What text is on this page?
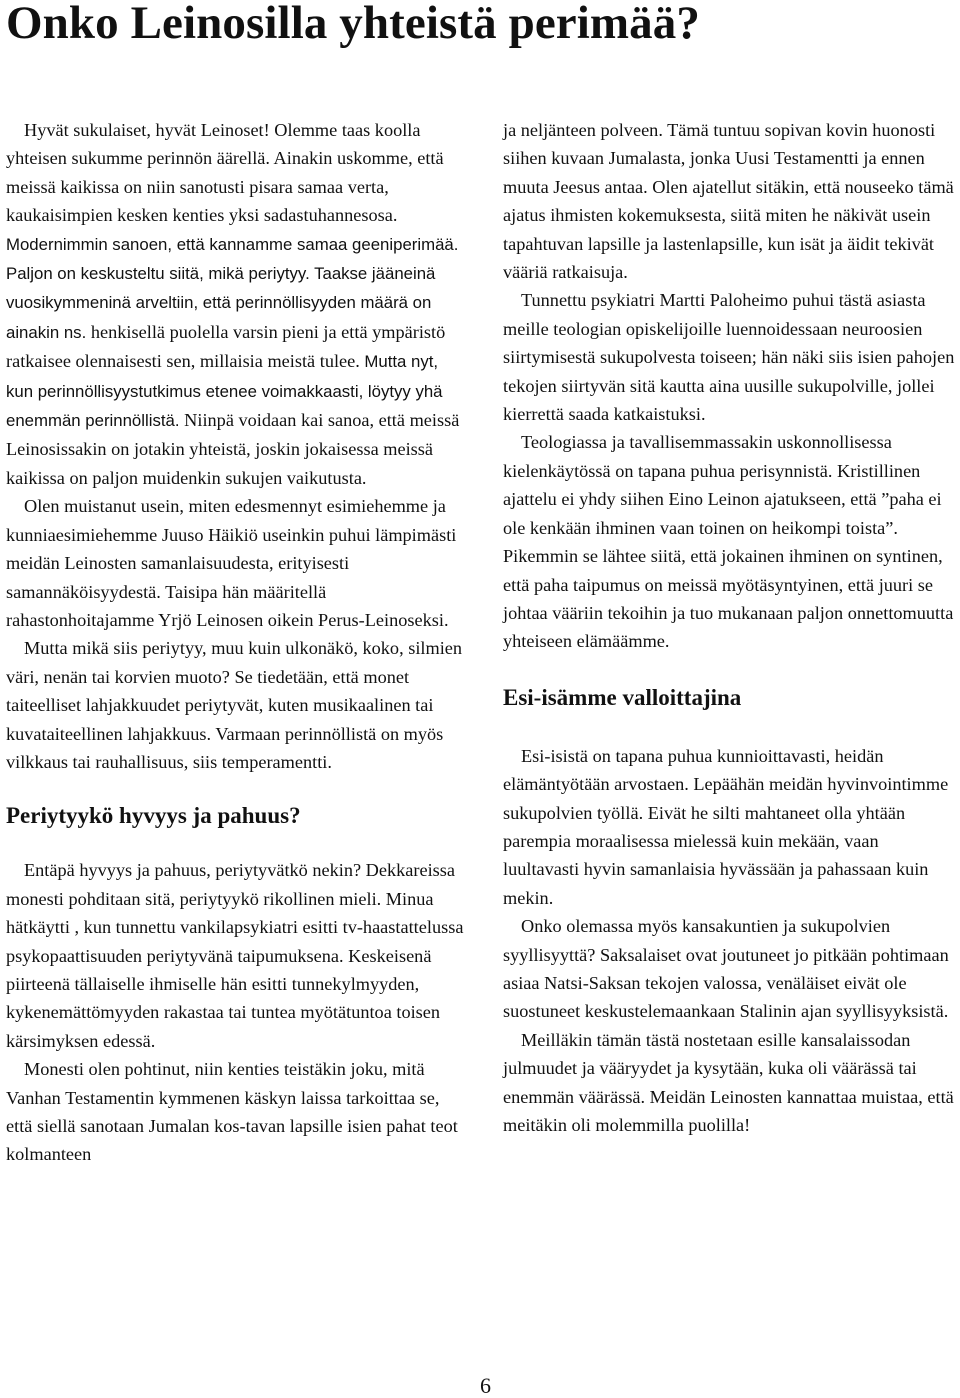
Onko Leinosilla yhteistä perimää?

Hyvät sukulaiset, hyvät Leinoset! Olemme taas koolla yhteisen sukumme perinnön äärellä. Ainakin uskomme, että meissä kaikissa on niin sanotusti pisara samaa verta, kaukaisimpien kesken kenties yksi sadastuhannesosa. Modernimmin sanoen, että kannamme samaa geeniperimää. Paljon on keskusteltu siitä, mikä periytyy. Taakse jääneinä vuosikymmeninä arveltiin, että perinnöllisyyden määrä on ainakin ns. henkisellä puolella varsin pieni ja että ympäristö ratkaisee olennaisesti sen, millaisia meistä tulee. Mutta nyt, kun perinnöllisyystutkimus etenee voimakkaasti, löytyy yhä enemmän perinnöllistä. Niinpä voidaan kai sanoa, että meissä Leinosissakin on jotakin yhteistä, joskin jokaisessa meissä kaikissa on paljon muidenkin sukujen vaikutusta.

Olen muistanut usein, miten edesmennyt esimiehemme ja kunniaesimiehemme Juuso Häikiö useinkin puhui lämpimästi meidän Leinosten samanlaisuudesta, erityisesti samannäköisyydestä. Taisipa hän määritellä rahastonhoitajamme Yrjö Leinosen oikein Perus-Leinoseksi.

Mutta mikä siis periytyy, muu kuin ulkonäkö, koko, silmien väri, nenän tai korvien muoto? Se tiedetään, että monet taiteelliset lahjakkuudet periytyvät, kuten musikaalinen tai kuvataiteellinen lahjakkuus. Varmaan perinnöllistä on myös vilkkaus tai rauhallisuus, siis temperamentti.

Periytyykö hyvyys ja pahuus?

Entäpä hyvyys ja pahuus, periytyvätkö nekin? Dekkareissa monesti pohditaan sitä, periytyykö rikollinen mieli. Minua hätkäytti , kun tunnettu vankilapsykiatri esitti tv-haastattelussa psykopaattisuuden periytyvänä taipumuksena. Keskeisenä piirteenä tällaiselle ihmiselle hän esitti tunnekylmyyden, kykenemättömyyden rakastaa tai tuntea myötätuntoa toisen kärsimyksen edessä.

Monesti olen pohtinut, niin kenties teistäkin joku, mitä Vanhan Testamentin kymmenen käskyn laissa tarkoittaa se, että siellä sanotaan Jumalan kos-tavan lapsille isien pahat teot kolmanteen

ja neljänteen polveen. Tämä tuntuu sopivan kovin huonosti siihen kuvaan Jumalasta, jonka Uusi Testamentti ja ennen muuta Jeesus antaa. Olen ajatellut sitäkin, että nouseeko tämä ajatus ihmisten kokemuksesta, siitä miten he näkivät usein tapahtuvan lapsille ja lastenlapsille, kun isät ja äidit tekivät vääriä ratkaisuja.

Tunnettu psykiatri Martti Paloheimo puhui tästä asiasta meille teologian opiskelijoille luennoidessaan neuroosien siirtymisestä sukupolvesta toiseen; hän näki siis isien pahojen tekojen siirtyvän sitä kautta aina uusille sukupolville, jollei kierrettä saada katkaistuksi.

Teologiassa ja tavallisemmassakin uskonnollisessa kielenkäytössä on tapana puhua perisynnistä. Kristillinen ajattelu ei yhdy siihen Eino Leinon ajatukseen, että ”paha ei ole kenkään ihminen vaan toinen on heikompi toista”. Pikemmin se lähtee siitä, että jokainen ihminen on syntinen, että paha taipumus on meissä myötäsyntyinen, että juuri se johtaa vääriin tekoihin ja tuo mukanaan paljon onnettomuutta yhteiseen elämäämme.

Esi-isämme valloittajina

Esi-isistä on tapana puhua kunnioittavasti, heidän elämäntyötään arvostaen. Lepäähän meidän hyvinvointimme sukupolvien työllä. Eivät he silti mahtaneet olla yhtään parempia moraalisessa mielessä kuin mekään, vaan luultavasti hyvin samanlaisia hyvässään ja pahassaan kuin mekin.

Onko olemassa myös kansakuntien ja sukupolvien syyllisyyttä? Saksalaiset ovat joutuneet jo pitkään pohtimaan asiaa Natsi-Saksan tekojen valossa, venäläiset eivät ole suostuneet keskustelemaankaan Stalinin ajan syyllisyyksistä.

Meilläkin tämän tästä nostetaan esille kansalaissodan julmuudet ja vääryydet ja kysytään, kuka oli väärässä tai enemmän väärässä. Meidän Leinosten kannattaa muistaa, että meitäkin oli molemmilla puolilla!

6
